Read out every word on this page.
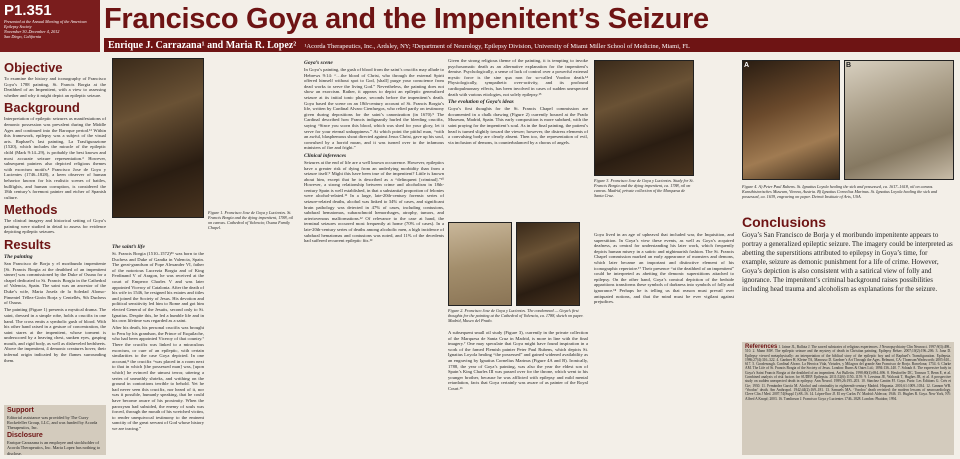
P1.351
Presented at the Annual Meeting of the American Epilepsy Society
November 30–December 4, 2012
San Diego, California
Francisco Goya and the Impenitent’s Seizure
Enrique J. Carrazana¹ and Maria R. Lopez² ¹Acorda Therapeutics, Inc., Ardsley, NY; ²Department of Neurology, Epilepsy Division, University of Miami Miller School of Medicine, Miami, FL
Objective

To examine the history and iconography of Francisco Goya’s 1788 painting, St. Francis Borgia at the Deathbed of an Impenitent, with a view to assessing whether and why it might depict an epileptic seizure.

Background

Interpretation of epileptic seizures as manifestations of demonic possession was prevalent during the Middle Ages and continued into the Baroque period.¹² Within this framework, epilepsy was a subject of the visual arts. Raphael’s last painting, La Trasfigurazione (1520), which includes the miracle of the epileptic child (Mark 9:14–29), is probably the best known and most accurate seizure representation.³ However, subsequent painters also depicted religious themes with exorcism motifs.⁴ Francisco Jose de Goya y Lucientes (1746–1828), a keen observer of human behavior known for his realistic scenes of battles, bullfights, and human corruption, is considered the 18th century’s foremost painter and etcher of Spanish culture.

Methods

The clinical imagery and historical setting of Goya’s painting were studied in detail to assess for evidence depicting epileptic seizures.

Results
The painting

San Francisco de Borja y el moribundo impenitente [St. Francis Borgia at the deathbed of an impenitent sinner] was commissioned by the Duke of Osuna for a chapel dedicated to St. Francis Borgia in the Cathedral of Valencia, Spain. The saint was an ancestor of the Duke’s wife, Maria Josefa de la Soledad Alonso-Pimentel Téllez-Girón Borja y Centellés, 9th Duchess of Osuna.

The painting (Figure 1) presents a mystical drama. The saint, dressed in a simple robe, holds a crucifix in one hand. The cross emits a symbolic gush of blood. With his other hand raised in a gesture of concentration, the saint stares at the impenitent, whose torment is underscored by a heaving chest, sunken eyes, gasping mouth, and rigid body, as well as disheveled bedsheets. Above the impenitent, 4 demonic creatures hover, their infernal origin indicated by the flames surrounding them.

Support

Editorial assistance was provided by The Curry Rockefeller Group, LLC, and was funded by Acorda Therapeutics, Inc.

Disclosure

Enrique Carrazana is an employee and stockholder of Acorda Therapeutics, Inc. Maria Lopez has nothing to disclose.

Figure 1. Francisco Jose de Goya y Lucientes. St. Francis Borgia and the dying impenitent, 1788, oil on canvas. Cathedral of Valencia; Osuna Family Chapel.
The saint’s life

St. Francis Borgia (1510–1572)⁵⁶ was born to the Duchess and Duke of Gandia in Valencia, Spain. The great-grandson of Pope Alexander VI, father of the notorious Lucrezia Borgia and of King Ferdinand V of Aragon, he was received at the court of Emperor Charles V and was later appointed Viceroy of Catalonia. After the death of his wife in 1546, he resigned his estates and titles and joined the Society of Jesus. His devotion and political sensitivity led him to Rome and got him elected General of the Jesuits, second only to St. Ignatius. Despite this, he led a humble life and in his own lifetime was regarded as a saint.

After his death, his personal crucifix was brought to Peru by his grandson, the Prince of Esquilache, who had been appointed Viceroy of that country.⁷ There the crucifix was linked to a miraculous exorcism, or cure of an epileptic, with certain similarities to the case Goya depicted. In one account,⁸ the crucifix “was placed in a room next to that in which [the possessed man] was, [upon which] he evinced the utmost terror, uttering a series of unearthly shrieks, and writhing on the ground in contortions terrible to behold. Yet he had never seen this crucifix, nor heard of it, nor was it possible, humanly speaking, that he could have become aware of his proximity. When the paroxysm had subsided, the enemy of souls was forced, through the mouth of his wretched victim, to render unequivocal testimony to the eminent sanctity of the great servant of God whose history we are tracing.”

Goya’s scene

In Goya’s painting, the gush of blood from the saint’s crucifix may allude to Hebrews 9:14: “…the blood of Christ, who through the external Spirit offered himself without spot to God, [shall] purge your conscience from dead works to serve the living God.” Nevertheless, the painting does not show an exorcism. Rather, it appears to depict an epileptic generalized seizure at its initial tonic phase, seconds before the impenitent’s death. Goya based the scene on an 18th-century account of St. Francis Borgia’s life, written by Cardinal Alvaro Cienfuegos, who relied partly on testimony given during depositions for the saint’s canonization (in 1670).⁹ The Cardinal described how Francis indignantly hurled the bleeding crucifix, saying “Since you scorn this blood, which was shed for your glory, let it serve for your eternal unhappiness.” At which point the pitiful man, “with an awful, blasphemous shout directed against Jesus Christ, gave up his soul, convulsed by a horrid moan, and it was turned over to the infamous ministers of fire and fright.”

Clinical inferences

Seizures at the end of life are a well known occurrence. However, epileptics have a greater risk of dying from an underlying morbidity than from a seizure itself.⁹ Might this have been true of the impenitent? Little is known about him, except that he is described as a “delinquent [criminal].”¹⁰ However, a strong relationship between crime and alcoholism in 18th-century Spain is well established, in that a substantial proportion of felonies were alcohol-related.¹¹ In a large, late-20th-century forensic series of seizure-related deaths, alcohol was linked to 34% of cases, and significant brain pathology was detected in 47% of cases, including contusions, subdural hematomas, subarachnoid hemorrhages, atrophy, tumors, and arteriovenous malformations.¹² Of relevance to the case at hand, the terminal seizures occurred most frequently at home (70% of cases). In a late-20th-century series of deaths among alcoholic men, a high incidence of subdural hematomas and contusions was noted, and 11% of the decedents had suffered recurrent epileptic fits.¹³

Given the strong religious theme of the painting, it is tempting to invoke psychosomatic death as an alternative explanation for the impenitent’s demise. Psychologically, a sense of lack of control over a powerful external mystic force is the sine qua non for so-called Voodoo death.¹⁴ Physiologically, sympathetic over-activity, and its profound cardiopulmonary effects, has been involved in cases of sudden unexpected death with various etiologies, not solely epilepsy.¹⁵

The evolution of Goya’s ideas

Goya’s first thoughts for the St. Francis Chapel commission are documented in a chalk drawing (Figure 2) currently housed at the Prado Museum, Madrid, Spain. This early composition is more subdued, with the saint praying for the impenitent’s soul. As in the final painting, the patient’s head is turned slightly toward the viewer; however, the distress elements of a convulsing body are clearly absent. Then too, the representation of evil, via inclusion of demons, is counterbalanced by a chorus of angels.

Figure 2. Francisco Jose de Goya y Lucientes. The condemned — Goya’s first thoughts for the painting at the Cathedral of Valencia, ca. 1788, sketch on paper. Madrid, Museo del Prado.

A subsequent small oil study (Figure 3), currently in the private collection of the Marquesa de Santa Cruz in Madrid, is more in line with the final imagery.⁷ One may speculate that Goya might have found inspiration in a work of the famed Flemish painter Peter Paul Rubens, which depicts St. Ignatius Loyola healing “the possessed” and gained widened availability as an engraving by Ignatius Cornelius Marinus (Figure 4A and B). Ironically, 1788, the year of Goya’s painting, was also the year the eldest son of Spain’s King Charles III was passed over for the throne, which went to his younger brother, because he was afflicted with epilepsy and mild mental retardation, facts that Goya certainly was aware of as painter of the Royal Court.¹⁶

Figure 3. Francisco Jose de Goya y Lucientes. Study for St. Francis Borgia and the dying impenitent, ca. 1788, oil on canvas. Madrid, private collection of the Marquesa de Santa Cruz.

Goya lived in an age of upheaval that included war, the Inquisition, and superstition. In Goya’s view these events, as well as Goya’s acquired deafness, as central for understanding his later work, which frequently depicts human misery in a satiric and nightmarish fashion. The St. Francis Chapel commission marked an early appearance of monsters and demons, which later became an important and distinctive element of his iconographic repertoire.¹⁷ Their presence “at the deathbed of an impenitent” could be interpreted as abetting the demonic superstitions attached to epilepsy. On the other hand, Goya’s comical depiction of the bedside apparitions transforms these symbols of darkness into symbols of folly and ignorance.¹⁸ Perhaps he is telling us that reason must prevail over antiquated notions, and that the mind must be ever vigilant against prejudices.

A	B
Figure 4. A) Peter Paul Rubens. St. Ignatius Loyola healing the sick and possessed, ca. 1617–1618, oil on canvas. Kunsthistorisches Museum, Vienna, Austria. B) Ignatius Cornelius Marinus. St. Ignatius Loyola healing the sick and possessed, ca. 1639, engraving on paper. Detroit Institute of Arts, USA.
Conclusions

Goya’s San Francisco de Borja y el moribundo impenitente appears to portray a generalized epileptic seizure. The imagery could be interpreted as abetting the superstitions attributed to epilepsy in Goya’s time, for example, seizure as demonic punishment for a life of crime. However, Goya’s depiction is also consistent with a satirical view of folly and ignorance. The impenitent’s criminal background raises possibilities including head trauma and alcoholism as explanations for the seizure.

References 1. Jaime JL, Ballota J. The sacred substrates of religious experiences. J Neuropsychiatry Clin Neurosci. 1997;9(3):498–510. 2. Mann MW. The epileptic seizure and the mystery of death in Christian painting. Epilepsy Behav. 2007;10(2):196–206. 3. Janz D. Epilepsy viewed metaphysically: an interpretation of the biblical story of the epileptic boy and of Raphael’s Transfiguration. Epilepsia. 1986;27(4):316–322. 4. Gardner H, Kleine TA, Mancuso D. Gardner’s Art Through the Ages. Belmont, CA: Thomson/Wadsworth; 2005:610–617. 5. Goodenough. Cardinal Alvaro. La Heroica Vida, Virtudes, y Milagros del grande San Francisco de Borja. Barcelona; 1754. 6. Clarke AM. The Life of St. Francis Borgia of the Society of Jesus. London: Burns & Oates Ltd.; 1894:136–140. 7. Schaub A. The expressive body in Goya’s Saint Francis Borgia at the deathbed of an impenitent. Art Bulletin. 1998;80(4):694–696. 8. Hesdorffer DC, Tomson T, Benn E, et al. Combined analysis of risk factors for SUDEP. Epilepsia. 2011;52(6):1150–1159. 9. Leestma JE, Walczak T, Hughes JR, et al. A prospective study on sudden unexpected death in epilepsy. Ann Neurol. 1989;26:195–203. 10. Sánchez Cantón FJ. Goya. Paris: Les Éditions G. Crès et Cie; 1930. 11. Fernández García M. Alcohol and criminality in eighteenth-century Madrid. Hispania. 2001;61:1009–1034. 12. Cannon WB. ‘Voodoo’ death. Am Anthropol. 1942;44(2):169–181. 13. Samuels MA. ‘Voodoo’ death revisited: the modern lessons of neurocardiology. Cleve Clin J Med. 2007;74(Suppl 1):S8–16. 14. López-Ibor JJ. El rey Carlos IV. Madrid: Aldecoa; 1946. 15. Hughes R. Goya. New York, NY: Alfred A Knopf; 2003. 16. Tomlinson J. Francisco Goya y Lucientes 1746–1828. London: Phaidon; 1994.
